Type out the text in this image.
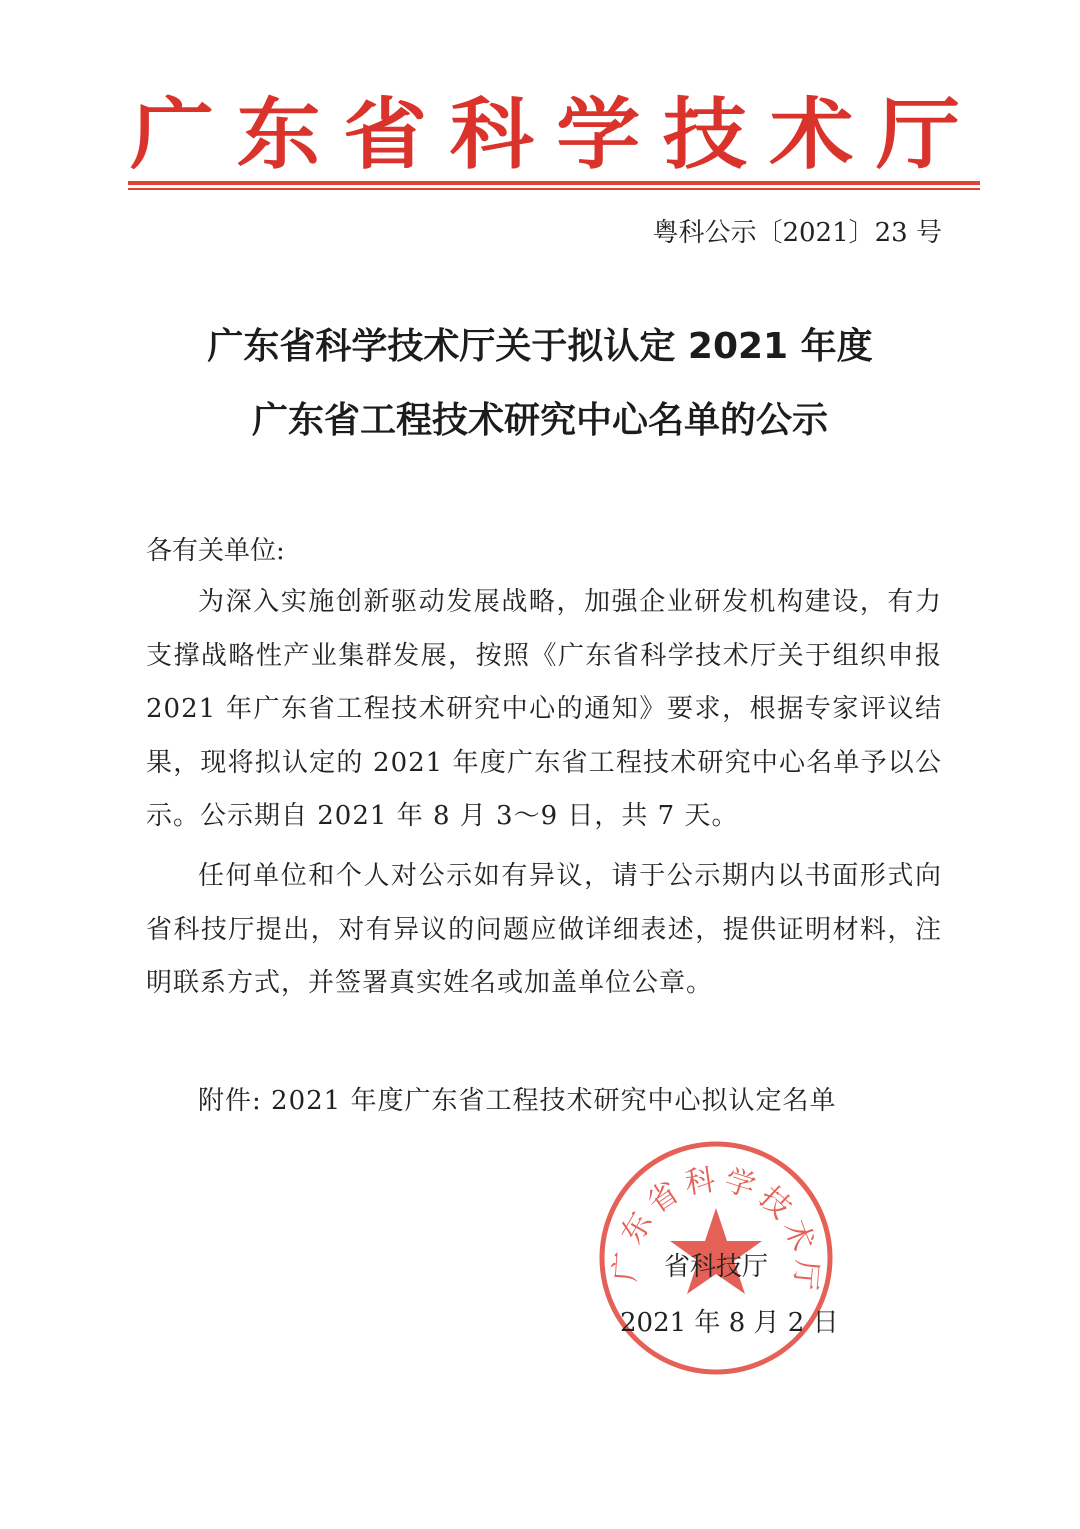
广 东 省 科 学 技 术 厅
粤科公示〔2021〕23 号
广东省科学技术厅关于拟认定 2021 年度
广东省工程技术研究中心名单的公示
各有关单位:
为深入实施创新驱动发展战略，加强企业研发机构建设，有力支撑战略性产业集群发展，按照《广东省科学技术厅关于组织申报 2021 年广东省工程技术研究中心的通知》要求，根据专家评议结果，现将拟认定的 2021 年度广东省工程技术研究中心名单予以公示。公示期自 2021 年 8 月 3～9 日，共 7 天。
任何单位和个人对公示如有异议，请于公示期内以书面形式向省科技厅提出，对有异议的问题应做详细表述，提供证明材料，注明联系方式，并签署真实姓名或加盖单位公章。
附件: 2021 年度广东省工程技术研究中心拟认定名单
广东省科学技术厅
省科技厅
2021 年 8 月 2 日
